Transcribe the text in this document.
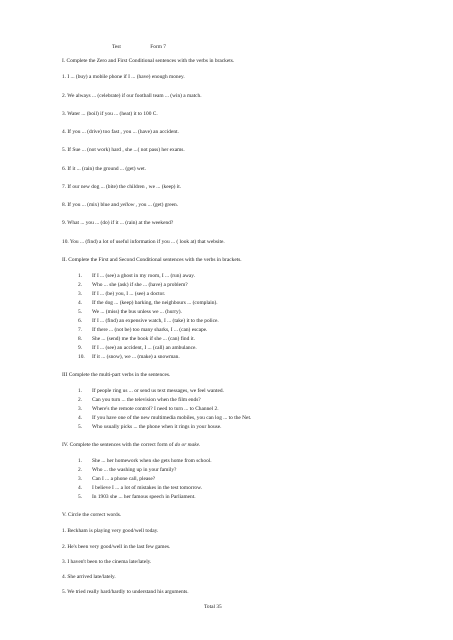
Test	Form 7
I. Complete the Zero and First Conditional sentences with the verbs in brackets.
1. I ... (buy) a mobile phone if I ... (have) enough money.
2. We always ... (celebrate) if our football team ... (win) a match.
3. Water ... (boil) if you ... (heat) it to 100 C.
4. If you ... (drive) too fast , you ... (have) an accident.
5. If Sue ... (not work) hard , she ...( not pass) her exams.
6. If it ... (rain) the ground ... (get) wet.
7. If our new dog ... (bite) the children , we ... (keep) it.
8. If you ... (mix) blue and yellow , you ... (get) green.
9. What ... you ... (do) if it ... (rain) at the weekend?
10. You ... (find) a lot of useful information if you ... ( look at) that website.
II. Complete the First and Second Conditional sentences with the verbs in brackets.
1. If I ... (see) a ghost in my room, I ... (run) away.
2. Who ... she (ask) if she ... (have) a problem?
3. If I ... (be) you, I ... (see) a doctor.
4. If the dog ... (keep) barking, the neighbours ... (complain).
5. We ... (miss) the bus unless we ... (hurry).
6. If I ... (find) an expensive watch, I ... (take) it to the police.
7. If there ... (not be) too many sharks, I ... (can) escape.
8. She ... (send) me the book if she ... (can) find it.
9. If I ... (see) an accident, I ... (call) an ambulance.
10. If it ... (snow), we ... (make) a snowman.
III Complete the multi-part verbs in the sentences.
1. If people ring us ... or send us text messages, we feel wanted.
2. Can you turn ... the television when the film ends?
3. Where's the remote control? I need to turn ... to Channel 2.
4. If you have one of the new multimedia mobiles, you can log ... to the Net.
5. Who usually picks ... the phone when it rings in your house.
IV. Complete the sentences with the correct form of do or make.
1. She ... her homework when she gets home from school.
2. Who ... the washing up in your family?
3. Can I ... a phone call, please?
4. I believe I ... a lot of mistakes in the test tomorrow.
5. In 1903 she ... her famous speech in Parliament.
V. Circle the correct words.
1. Beckham is playing very good/well today.
2. He's been very good/well in the last few games.
3. I haven't been to the cinema late/lately.
4. She arrived late/lately.
5. We tried really hard/hardly to understand his arguments.
Total 35
